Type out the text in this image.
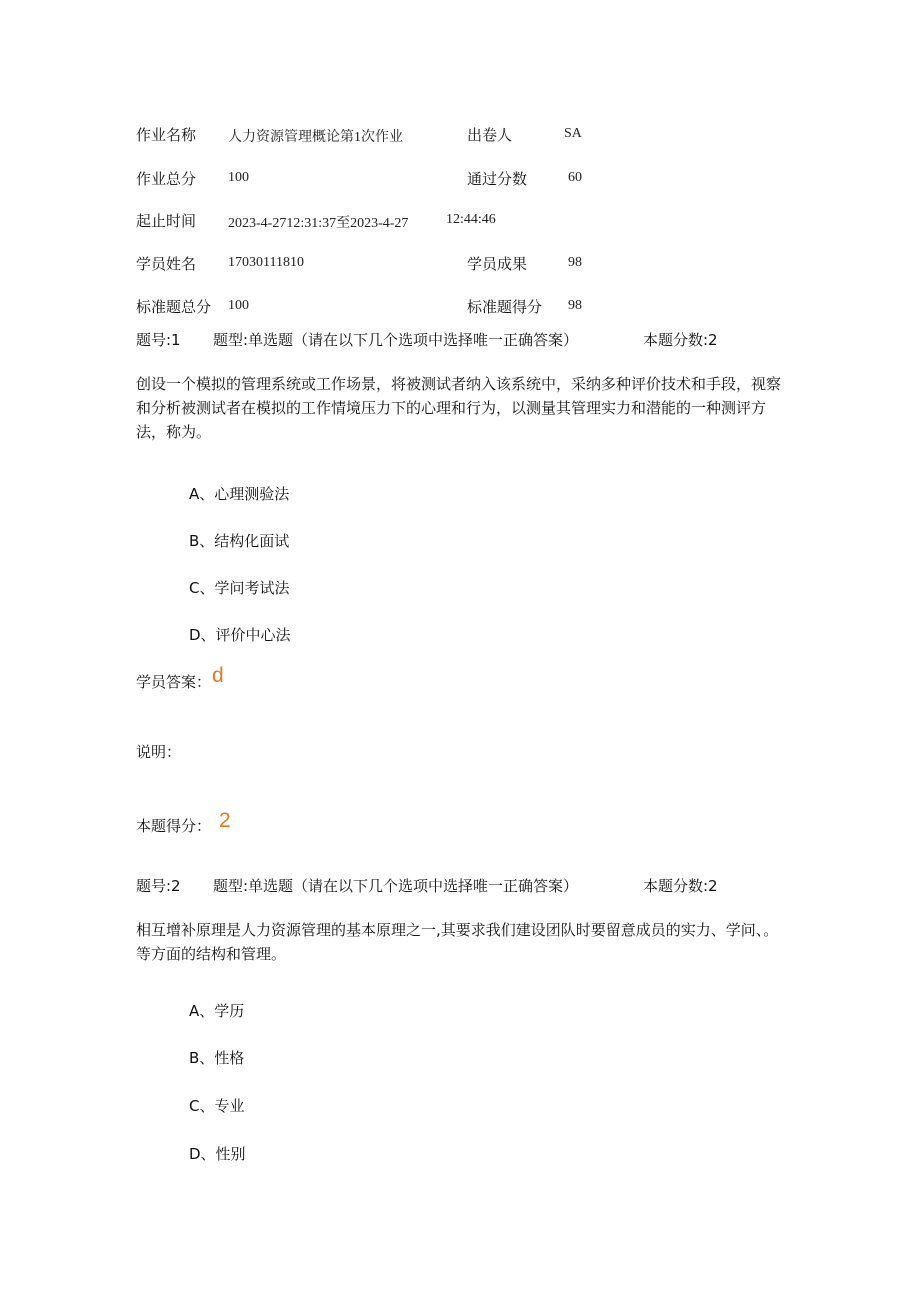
作业名称 人力资源管理概论第1次作业	出卷人	SA
作业总分 100	通过分数	60
起止时间 2023-4-2712:31:37至2023-4-27	12:44:46
学员姓名 17030111810	学员成果	98
标准题总分 100	标准题得分 98
题号:1 题型:单选题（请在以下几个选项中选择唯一正确答案）	本题分数:2
创设一个模拟的管理系统或工作场景，将被测试者纳入该系统中，采纳多种评价技术和手段，视察和分析被测试者在模拟的工作情境压力下的心理和行为，以测量其管理实力和潜能的一种测评方法，称为。
A、心理测验法
B、结构化面试
C、学问考试法
D、评价中心法
学员答案： d
说明：
本题得分： 2
题号:2 题型:单选题（请在以下几个选项中选择唯一正确答案）	本题分数:2
相互增补原理是人力资源管理的基本原理之一,其要求我们建设团队时要留意成员的实力、学问、。等方面的结构和管理。
A、学历
B、性格
C、专业
D、性别
